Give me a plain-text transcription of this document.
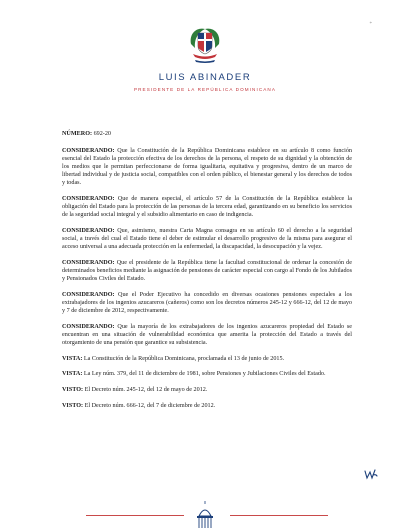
*
LUIS ABINADER
PRESIDENTE DE LA REPÚBLICA DOMINICANA
NÚMERO: 692-20

CONSIDERANDO: Que la Constitución de la República Dominicana establece en su artículo 8 como función esencial del Estado la protección efectiva de los derechos de la persona, el respeto de su dignidad y la obtención de los medios que le permitan perfeccionarse de forma igualitaria, equitativa y progresiva, dentro de un marco de libertad individual y de justicia social, compatibles con el orden público, el bienestar general y los derechos de todos y todas.

CONSIDERANDO: Que de manera especial, el artículo 57 de la Constitución de la República establece la obligación del Estado para la protección de las personas de la tercera edad, garantizando en su beneficio los servicios de la seguridad social integral y el subsidio alimentario en caso de indigencia.

CONSIDERANDO: Que, asimismo, nuestra Carta Magna consagra en su artículo 60 el derecho a la seguridad social, a través del cual el Estado tiene el deber de estimular el desarrollo progresivo de la misma para asegurar el acceso universal a una adecuada protección en la enfermedad, la discapacidad, la desocupación y la vejez.

CONSIDERANDO: Que el presidente de la República tiene la facultad constitucional de ordenar la concesión de determinados beneficios mediante la asignación de pensiones de carácter especial con cargo al Fondo de los Jubilados y Pensionados Civiles del Estado.

CONSIDERANDO: Que el Poder Ejecutivo ha concedido en diversas ocasiones pensiones especiales a los extrabajadores de los ingenios azucareros (cañeros) como son los decretos números 245-12 y 666-12, del 12 de mayo y 7 de diciembre de 2012, respectivamente.

CONSIDERANDO: Que la mayoría de los extrabajadores de los ingenios azucareros propiedad del Estado se encuentran en una situación de vulnerabilidad económica que amerita la protección del Estado a través del otorgamiento de una pensión que garantice su subsistencia.

VISTA: La Constitución de la República Dominicana, proclamada el 13 de junio de 2015.

VISTA: La Ley núm. 379, del 11 de diciembre de 1981, sobre Pensiones y Jubilaciones Civiles del Estado.

VISTO: El Decreto núm. 245-12, del 12 de mayo de 2012.

VISTO: El Decreto núm. 666-12, del 7 de diciembre de 2012.
